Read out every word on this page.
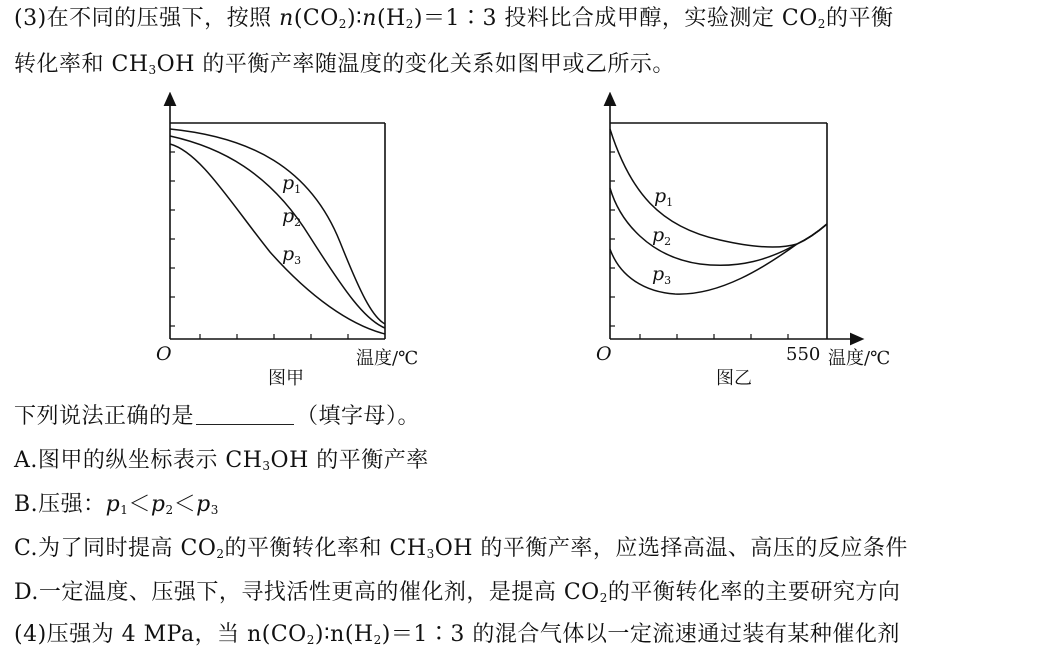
(3)在不同的压强下，按照 $n(CO_2)∶n(H_2)=1∶3$ 投料比合成甲醇，实验测定 $CO_2$的平衡
转化率和 $CH_3OH$ 的平衡产率随温度的变化关系如图甲或乙所示。
$p_1$
$p_2$
$p_3$
O	温度/℃
图甲
$p_1$
$p_2$
$p_3$
O	550 温度/℃
图乙
下列说法正确的是	（填字母）。
A.图甲的纵坐标表示 $CH_3OH$ 的平衡产率
B.压强：$p_1<p_2<p_3$
C.为了同时提高 $CO_2$的平衡转化率和 $CH_3OH$ 的平衡产率，应选择高温、高压的反应条件
D.一定温度、压强下，寻找活性更高的催化剂，是提高 $CO_2$的平衡转化率的主要研究方向
(4)压强为 4 MPa，当 $n(CO_2)∶n(H_2)=1∶3$ 的混合气体以一定流速通过装有某种催化剂
